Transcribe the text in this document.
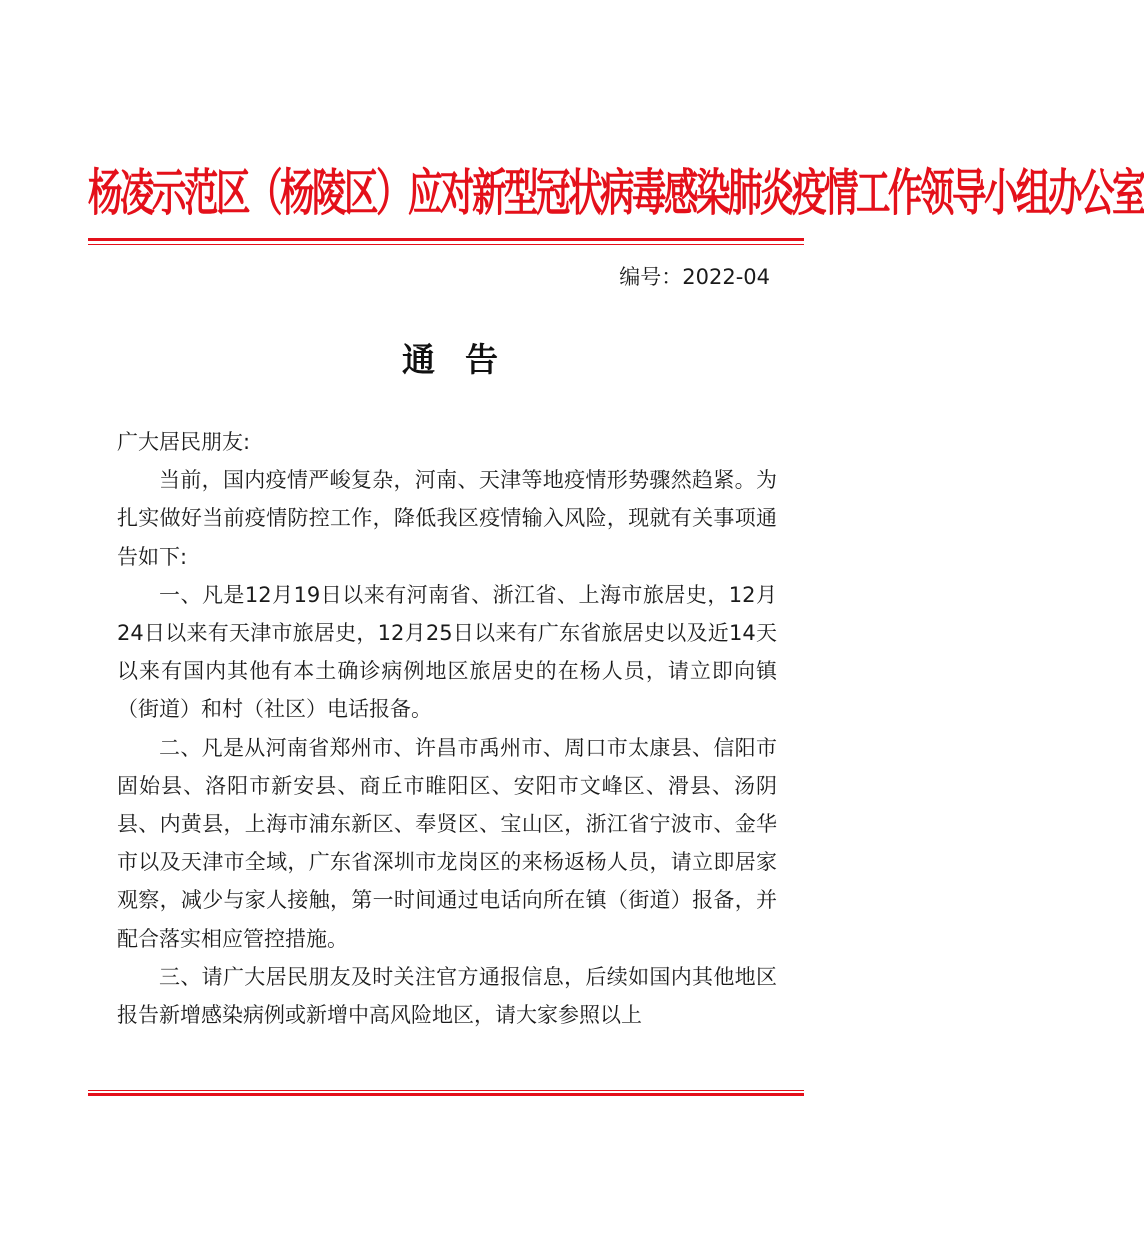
杨凌示范区（杨陵区）应对新型冠状病毒感染肺炎疫情工作领导小组办公室
编号：2022-04
通告

广大居民朋友:

当前，国内疫情严峻复杂，河南、天津等地疫情形势骤然趋紧。为扎实做好当前疫情防控工作，降低我区疫情输入风险，现就有关事项通告如下:

一、凡是12月19日以来有河南省、浙江省、上海市旅居史，12月24日以来有天津市旅居史，12月25日以来有广东省旅居史以及近14天以来有国内其他有本土确诊病例地区旅居史的在杨人员，请立即向镇（街道）和村（社区）电话报备。

二、凡是从河南省郑州市、许昌市禹州市、周口市太康县、信阳市固始县、洛阳市新安县、商丘市睢阳区、安阳市文峰区、滑县、汤阴县、内黄县，上海市浦东新区、奉贤区、宝山区，浙江省宁波市、金华市以及天津市全域，广东省深圳市龙岗区的来杨返杨人员，请立即居家观察，减少与家人接触，第一时间通过电话向所在镇（街道）报备，并配合落实相应管控措施。

三、请广大居民朋友及时关注官方通报信息，后续如国内其他地区报告新增感染病例或新增中高风险地区，请大家参照以上
